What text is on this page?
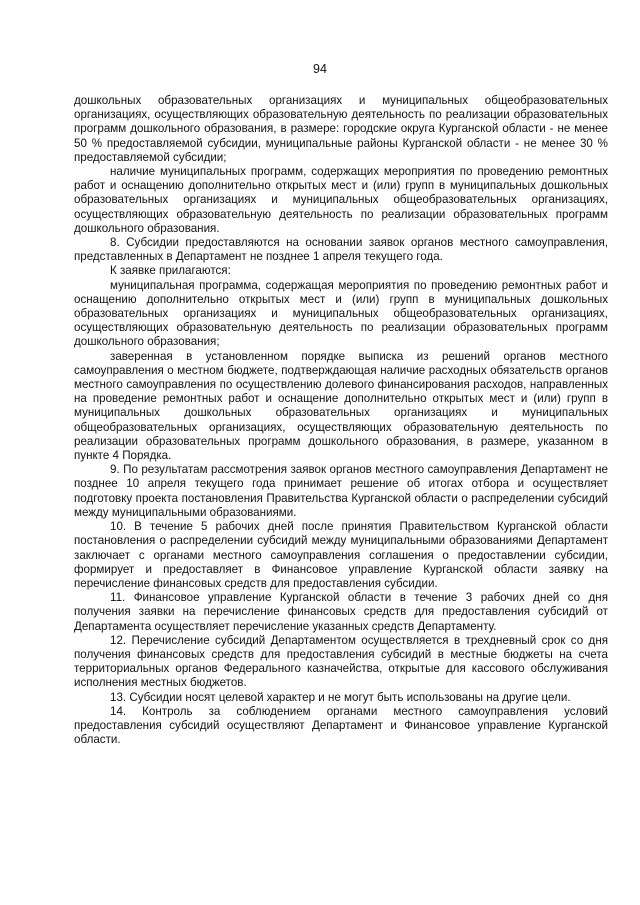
94

дошкольных образовательных организациях и муниципальных общеобразовательных организациях, осуществляющих образовательную деятельность по реализации образовательных программ дошкольного образования, в размере: городские округа Курганской области - не менее 50 % предоставляемой субсидии, муниципальные районы Курганской области - не менее 30 % предоставляемой субсидии;

наличие муниципальных программ, содержащих мероприятия по проведению ремонтных работ и оснащению дополнительно открытых мест и (или) групп в муниципальных дошкольных образовательных организациях и муниципальных общеобразовательных организациях, осуществляющих образовательную деятельность по реализации образовательных программ дошкольного образования.

8. Субсидии предоставляются на основании заявок органов местного самоуправления, представленных в Департамент не позднее 1 апреля текущего года.

К заявке прилагаются:

муниципальная программа, содержащая мероприятия по проведению ремонтных работ и оснащению дополнительно открытых мест и (или) групп в муниципальных дошкольных образовательных организациях и муниципальных общеобразовательных организациях, осуществляющих образовательную деятельность по реализации образовательных программ дошкольного образования;

заверенная в установленном порядке выписка из решений органов местного самоуправления о местном бюджете, подтверждающая наличие расходных обязательств органов местного самоуправления по осуществлению долевого финансирования расходов, направленных на проведение ремонтных работ и оснащение дополнительно открытых мест и (или) групп в муниципальных дошкольных образовательных организациях и муниципальных общеобразовательных организациях, осуществляющих образовательную деятельность по реализации образовательных программ дошкольного образования, в размере, указанном в пункте 4 Порядка.

9. По результатам рассмотрения заявок органов местного самоуправления Департамент не позднее 10 апреля текущего года принимает решение об итогах отбора и осуществляет подготовку проекта постановления Правительства Курганской области о распределении субсидий между муниципальными образованиями.

10. В течение 5 рабочих дней после принятия Правительством Курганской области постановления о распределении субсидий между муниципальными образованиями Департамент заключает с органами местного самоуправления соглашения о предоставлении субсидии, формирует и предоставляет в Финансовое управление Курганской области заявку на перечисление финансовых средств для предоставления субсидии.

11. Финансовое управление Курганской области в течение 3 рабочих дней со дня получения заявки на перечисление финансовых средств для предоставления субсидий от Департамента осуществляет перечисление указанных средств Департаменту.

12. Перечисление субсидий Департаментом осуществляется в трехдневный срок со дня получения финансовых средств для предоставления субсидий в местные бюджеты на счета территориальных органов Федерального казначейства, открытые для кассового обслуживания исполнения местных бюджетов.

13. Субсидии носят целевой характер и не могут быть использованы на другие цели.

14. Контроль за соблюдением органами местного самоуправления условий предоставления субсидий осуществляют Департамент и Финансовое управление Курганской области.
